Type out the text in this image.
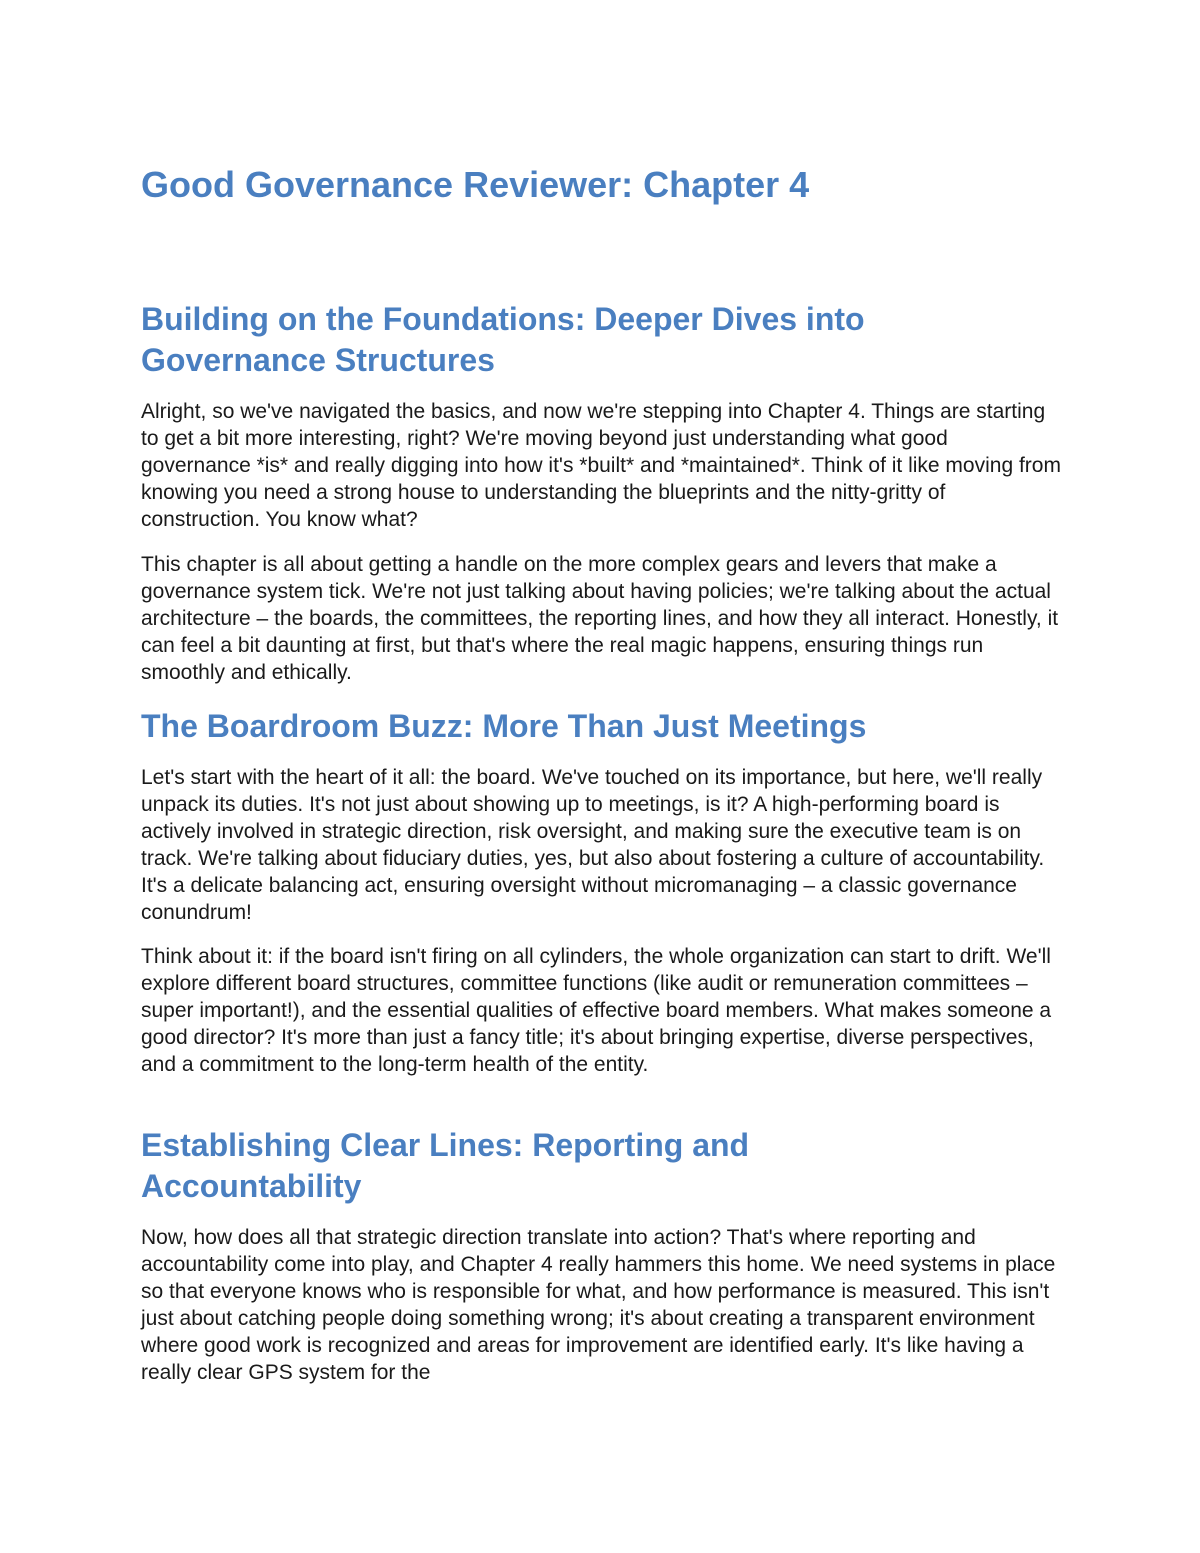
Good Governance Reviewer: Chapter 4
Building on the Foundations: Deeper Dives into Governance Structures

Alright, so we've navigated the basics, and now we're stepping into Chapter 4. Things are starting to get a bit more interesting, right? We're moving beyond just understanding what good governance *is* and really digging into how it's *built* and *maintained*. Think of it like moving from knowing you need a strong house to understanding the blueprints and the nitty-gritty of construction. You know what?

This chapter is all about getting a handle on the more complex gears and levers that make a governance system tick. We're not just talking about having policies; we're talking about the actual architecture – the boards, the committees, the reporting lines, and how they all interact. Honestly, it can feel a bit daunting at first, but that's where the real magic happens, ensuring things run smoothly and ethically.

The Boardroom Buzz: More Than Just Meetings

Let's start with the heart of it all: the board. We've touched on its importance, but here, we'll really unpack its duties. It's not just about showing up to meetings, is it? A high-performing board is actively involved in strategic direction, risk oversight, and making sure the executive team is on track. We're talking about fiduciary duties, yes, but also about fostering a culture of accountability. It's a delicate balancing act, ensuring oversight without micromanaging – a classic governance conundrum!

Think about it: if the board isn't firing on all cylinders, the whole organization can start to drift. We'll explore different board structures, committee functions (like audit or remuneration committees – super important!), and the essential qualities of effective board members. What makes someone a good director? It's more than just a fancy title; it's about bringing expertise, diverse perspectives, and a commitment to the long-term health of the entity.

Establishing Clear Lines: Reporting and Accountability

Now, how does all that strategic direction translate into action? That's where reporting and accountability come into play, and Chapter 4 really hammers this home. We need systems in place so that everyone knows who is responsible for what, and how performance is measured. This isn't just about catching people doing something wrong; it's about creating a transparent environment where good work is recognized and areas for improvement are identified early. It's like having a really clear GPS system for the
